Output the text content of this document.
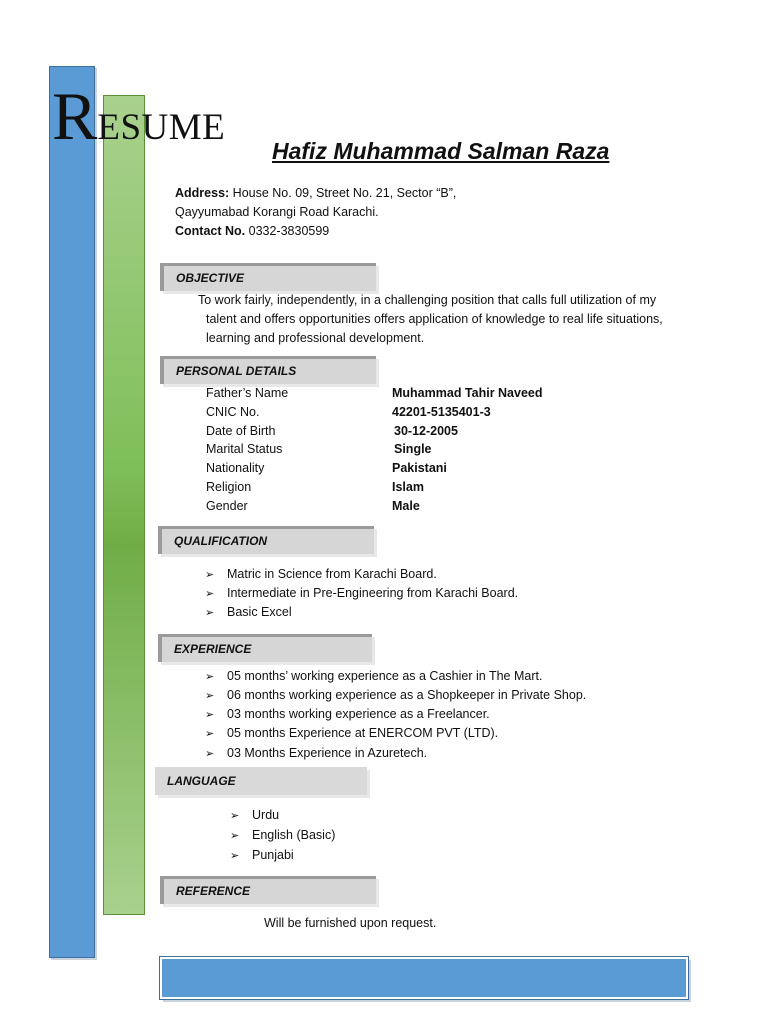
RESUME
Hafiz Muhammad Salman Raza
Address: House No. 09, Street No. 21, Sector “B”,
Qayyumabad Korangi Road Karachi.
Contact No. 0332-3830599
OBJECTIVE
To work fairly, independently, in a challenging position that calls full utilization of my
talent and offers opportunities offers application of knowledge to real life situations,
learning and professional development.
PERSONAL DETAILS
Father’s Name	Muhammad Tahir Naveed
CNIC No.	42201-5135401-3
Date of Birth	30-12-2005
Marital Status	Single
Nationality	Pakistani
Religion	Islam
Gender	Male
QUALIFICATION
➢ Matric in Science from Karachi Board.
➢ Intermediate in Pre-Engineering from Karachi Board.
➢ Basic Excel
EXPERIENCE
➢ 05 months’ working experience as a Cashier in The Mart.
➢ 06 months working experience as a Shopkeeper in Private Shop.
➢ 03 months working experience as a Freelancer.
➢ 05 months Experience at ENERCOM PVT (LTD).
➢ 03 Months Experience in Azuretech.
LANGUAGE
➢ Urdu
➢ English (Basic)
➢ Punjabi
REFERENCE
Will be furnished upon request.
